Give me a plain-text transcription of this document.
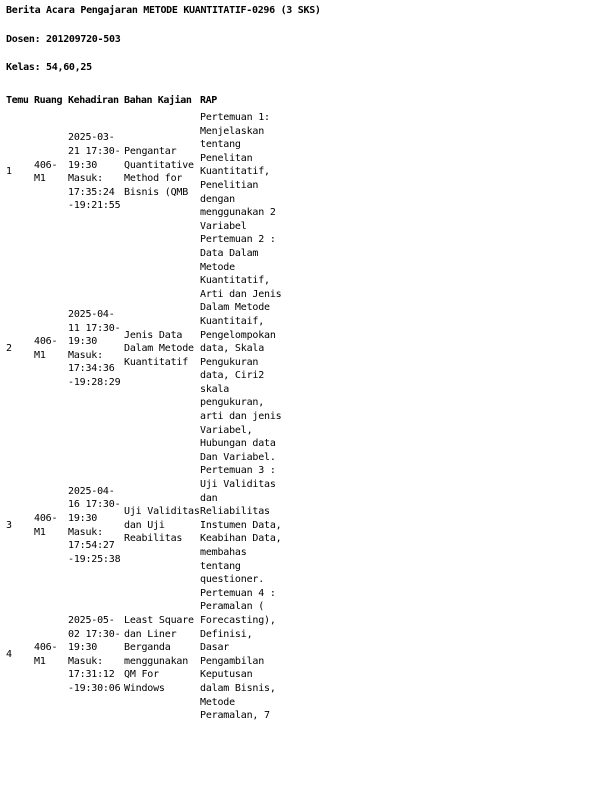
Berita Acara Pengajaran METODE KUANTITATIF-0296 (3 SKS)
Dosen: 201209720-503
Kelas: 54,60,25
Temu	Ruang	Kehadiran	Bahan Kajian	RAP
1	406-M1	2025-03-21 17:30-19:30 Masuk: 17:35:24 -19:21:55	Pengantar Quantitative Method for Bisnis (QMB	Pertemuan 1: Menjelaskan tentang Penelitan Kuantitatif, Penelitian dengan menggunakan 2 Variabel
2	406-M1	2025-04-11 17:30-19:30 Masuk: 17:34:36 -19:28:29	Jenis Data Dalam Metode Kuantitatif	Pertemuan 2 : Data Dalam Metode Kuantitatif, Arti dan Jenis Dalam Metode Kuantitaif, Pengelompokan data, Skala Pengukuran data, Ciri2 skala pengukuran, arti dan jenis Variabel, Hubungan data Dan Variabel.
3	406-M1	2025-04-16 17:30-19:30 Masuk: 17:54:27 -19:25:38	Uji Validitas dan Uji Reabilitas	Pertemuan 3 : Uji Validitas dan Reliabilitas Instumen Data, Keabihan Data, membahas tentang questioner.
4	406-M1	2025-05-02 17:30-19:30 Masuk: 17:31:12 -19:30:06	Least Square dan Liner Berganda menggunakan QM For Windows	Pertemuan 4 : Peramalan ( Forecasting), Definisi, Dasar Pengambilan Keputusan dalam Bisnis, Metode Peramalan, 7
